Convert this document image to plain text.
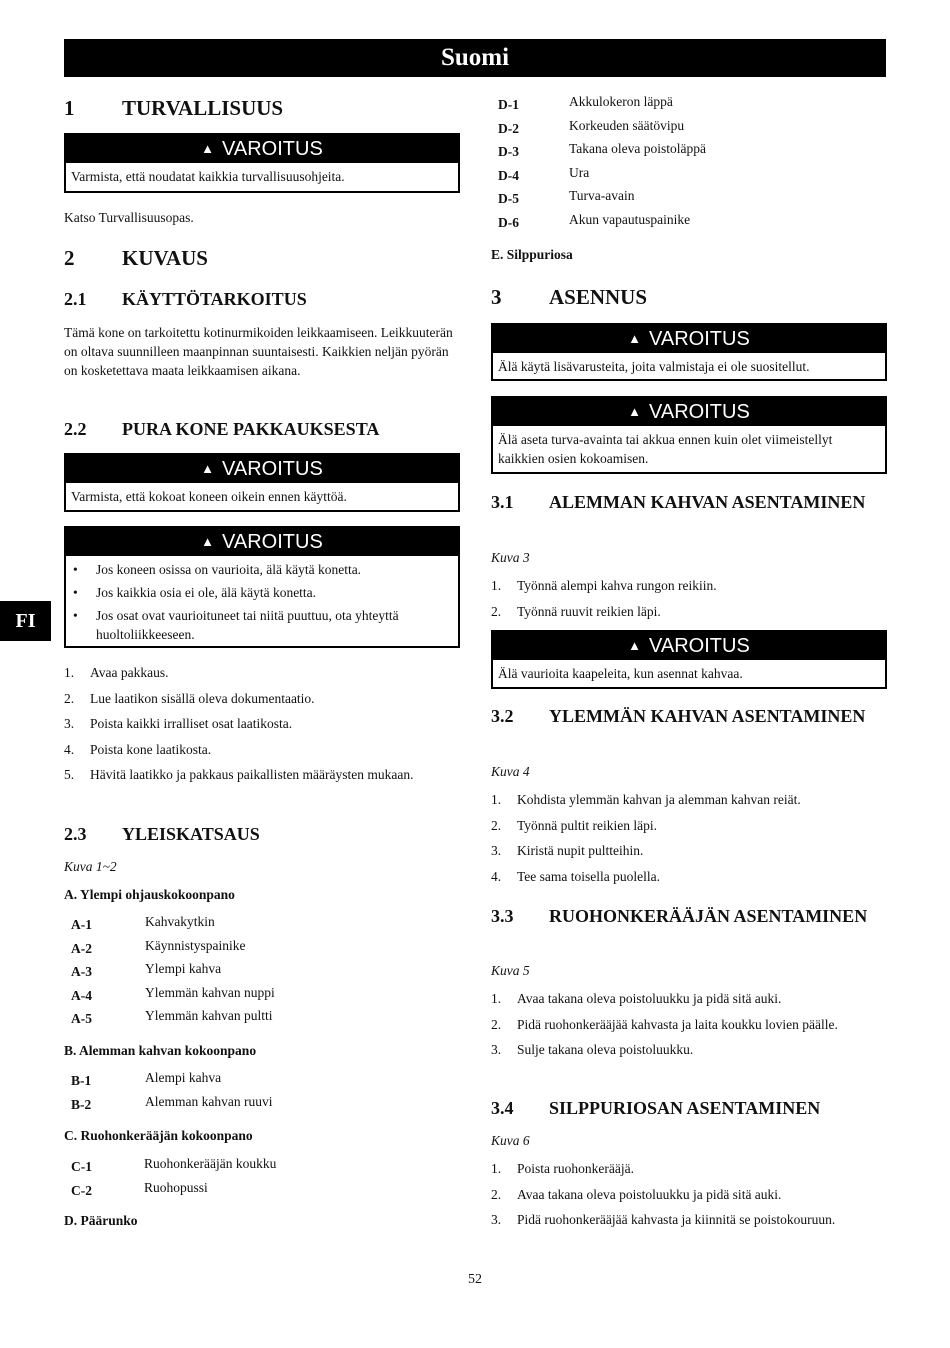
Suomi
FI
1 TURVALLISUUS
▲ VAROITUS
Varmista, että noudatat kaikkia turvallisuusohjeita.

Katso Turvallisuusopas.

2 KUVAUS
2.1 KÄYTTÖTARKOITUS

Tämä kone on tarkoitettu kotinurmikoiden leikkaamiseen. Leikkuuterän on oltava suunnilleen maanpinnan suuntaisesti. Kaikkien neljän pyörän on kosketettava maata leikkaamisen aikana.

2.2 PURA KONE PAKKAUKSESTA
▲ VAROITUS
Varmista, että kokoat koneen oikein ennen käyttöä.
▲ VAROITUS
• Jos koneen osissa on vaurioita, älä käytä konetta.
• Jos kaikkia osia ei ole, älä käytä konetta.
• Jos osat ovat vaurioituneet tai niitä puuttuu, ota yhteyttä huoltoliikkeeseen.
1. Avaa pakkaus.
2. Lue laatikon sisällä oleva dokumentaatio.
3. Poista kaikki irralliset osat laatikosta.
4. Poista kone laatikosta.
5. Hävitä laatikko ja pakkaus paikallisten määräysten mukaan.
2.3 YLEISKATSAUS
Kuva 1~2
A. Ylempi ohjauskokoonpano
A-1	Kahvakytkin
A-2	Käynnistyspainike
A-3	Ylempi kahva
A-4	Ylemmän kahvan nuppi
A-5	Ylemmän kahvan pultti
B. Alemman kahvan kokoonpano
B-1	Alempi kahva
B-2	Alemman kahvan ruuvi
C. Ruohonkerääjän kokoonpano
C-1	Ruohonkerääjän koukku
C-2	Ruohopussi
D. Päärunko
D-1	Akkulokeron läppä
D-2	Korkeuden säätövipu
D-3	Takana oleva poistoläppä
D-4	Ura
D-5	Turva-avain
D-6	Akun vapautuspainike
E. Silppuriosa
3 ASENNUS
▲ VAROITUS
Älä käytä lisävarusteita, joita valmistaja ei ole suositellut.
▲ VAROITUS
Älä aseta turva-avainta tai akkua ennen kuin olet viimeistellyt kaikkien osien kokoamisen.
3.1 ALEMMAN KAHVAN ASENTAMINEN
Kuva 3
1. Työnnä alempi kahva rungon reikiin.
2. Työnnä ruuvit reikien läpi.
▲ VAROITUS
Älä vaurioita kaapeleita, kun asennat kahvaa.
3.2 YLEMMÄN KAHVAN ASENTAMINEN
Kuva 4
1. Kohdista ylemmän kahvan ja alemman kahvan reiät.
2. Työnnä pultit reikien läpi.
3. Kiristä nupit pultteihin.
4. Tee sama toisella puolella.
3.3 RUOHONKERÄÄJÄN ASENTAMINEN
Kuva 5
1. Avaa takana oleva poistoluukku ja pidä sitä auki.
2. Pidä ruohonkerääjää kahvasta ja laita koukku lovien päälle.
3. Sulje takana oleva poistoluukku.
3.4 SILPPURIOSAN ASENTAMINEN
Kuva 6
1. Poista ruohonkerääjä.
2. Avaa takana oleva poistoluukku ja pidä sitä auki.
3. Pidä ruohonkerääjää kahvasta ja kiinnitä se poistokouruun.
52
